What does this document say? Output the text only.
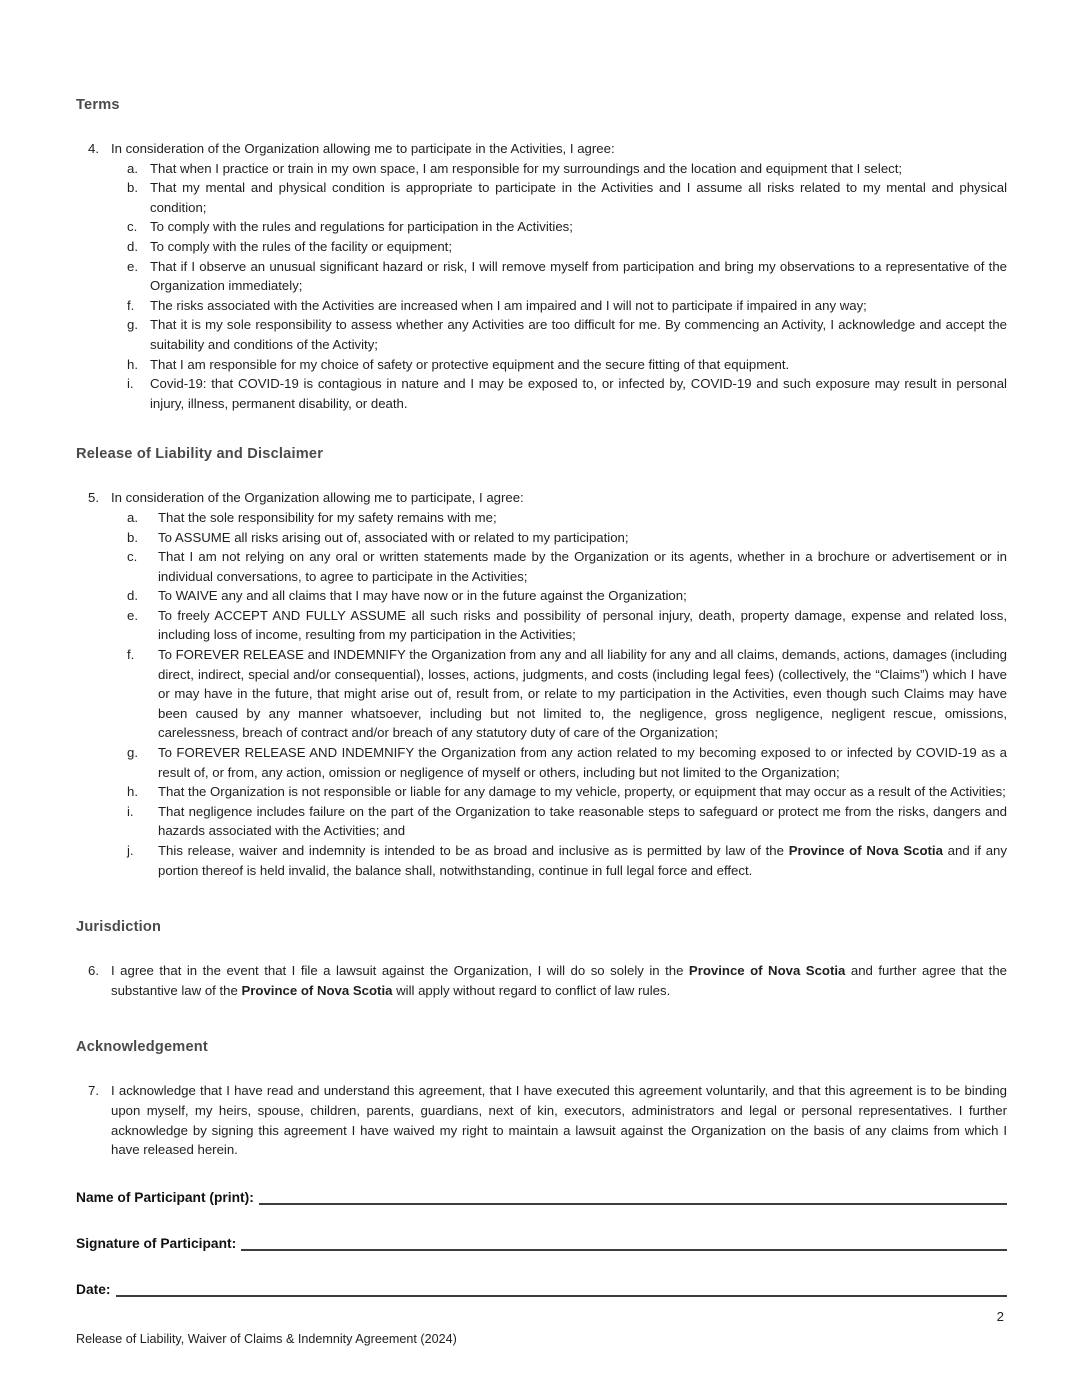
Terms
4. In consideration of the Organization allowing me to participate in the Activities, I agree:
a. That when I practice or train in my own space, I am responsible for my surroundings and the location and equipment that I select;
b. That my mental and physical condition is appropriate to participate in the Activities and I assume all risks related to my mental and physical condition;
c. To comply with the rules and regulations for participation in the Activities;
d. To comply with the rules of the facility or equipment;
e. That if I observe an unusual significant hazard or risk, I will remove myself from participation and bring my observations to a representative of the Organization immediately;
f.	The risks associated with the Activities are increased when I am impaired and I will not to participate if impaired in any way;
g. That it is my sole responsibility to assess whether any Activities are too difficult for me. By commencing an Activity, I acknowledge and accept the suitability and conditions of the Activity;
h. That I am responsible for my choice of safety or protective equipment and the secure fitting of that equipment.
i.	Covid-19: that COVID-19 is contagious in nature and I may be exposed to, or infected by, COVID-19 and such exposure may result in personal injury, illness, permanent disability, or death.
Release of Liability and Disclaimer
5. In consideration of the Organization allowing me to participate, I agree:
a.	That the sole responsibility for my safety remains with me;
b.	To ASSUME all risks arising out of, associated with or related to my participation;
c.	That I am not relying on any oral or written statements made by the Organization or its agents, whether in a brochure or advertisement or in individual conversations, to agree to participate in the Activities;
d.	To WAIVE any and all claims that I may have now or in the future against the Organization;
e.	To freely ACCEPT AND FULLY ASSUME all such risks and possibility of personal injury, death, property damage, expense and related loss, including loss of income, resulting from my participation in the Activities;
f.	To FOREVER RELEASE and INDEMNIFY the Organization from any and all liability for any and all claims, demands, actions, damages (including direct, indirect, special and/or consequential), losses, actions, judgments, and costs (including legal fees) (collectively, the “Claims”) which I have or may have in the future, that might arise out of, result from, or relate to my participation in the Activities, even though such Claims may have been caused by any manner whatsoever, including but not limited to, the negligence, gross negligence, negligent rescue, omissions, carelessness, breach of contract and/or breach of any statutory duty of care of the Organization;
g.	To FOREVER RELEASE AND INDEMNIFY the Organization from any action related to my becoming exposed to or infected by COVID-19 as a result of, or from, any action, omission or negligence of myself or others, including but not limited to the Organization;
h.	That the Organization is not responsible or liable for any damage to my vehicle, property, or equipment that may occur as a result of the Activities;
i.	That negligence includes failure on the part of the Organization to take reasonable steps to safeguard or protect me from the risks, dangers and hazards associated with the Activities; and
j.	This release, waiver and indemnity is intended to be as broad and inclusive as is permitted by law of the Province of Nova Scotia and if any portion thereof is held invalid, the balance shall, notwithstanding, continue in full legal force and effect.
Jurisdiction
6. I agree that in the event that I file a lawsuit against the Organization, I will do so solely in the Province of Nova Scotia and further agree that the substantive law of the Province of Nova Scotia will apply without regard to conflict of law rules.
Acknowledgement
7. I acknowledge that I have read and understand this agreement, that I have executed this agreement voluntarily, and that this agreement is to be binding upon myself, my heirs, spouse, children, parents, guardians, next of kin, executors, administrators and legal or personal representatives. I further acknowledge by signing this agreement I have waived my right to maintain a lawsuit against the Organization on the basis of any claims from which I have released herein.
Name of Participant (print):
Signature of Participant:
Date:
2
Release of Liability, Waiver of Claims & Indemnity Agreement (2024)
